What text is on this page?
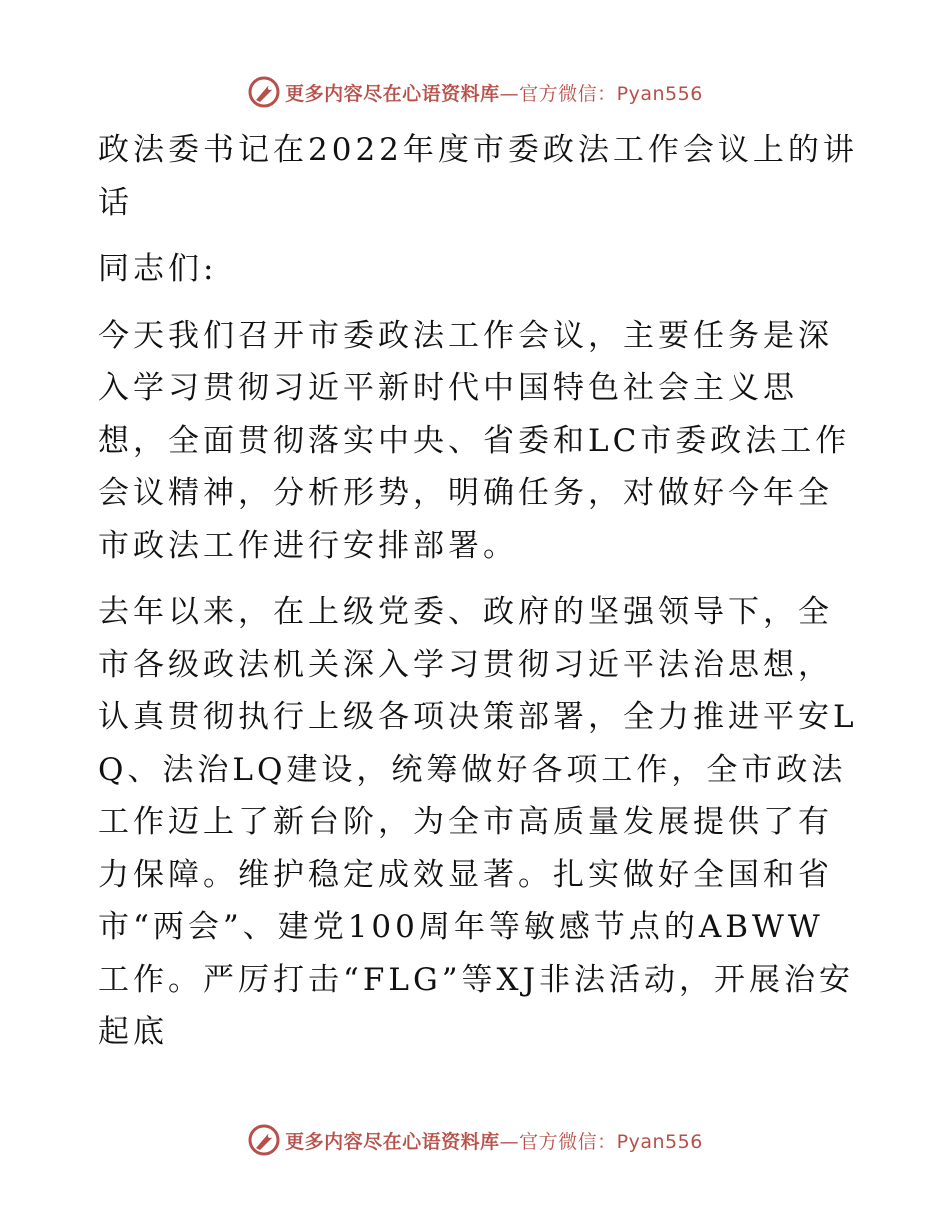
更多内容尽在心语资料库—官方微信：Pyan556

政法委书记在2022年度市委政法工作会议上的讲话

同志们:

今天我们召开市委政法工作会议，主要任务是深入学习贯彻习近平新时代中国特色社会主义思想，全面贯彻落实中央、省委和LC市委政法工作会议精神，分析形势，明确任务，对做好今年全市政法工作进行安排部署。

去年以来，在上级党委、政府的坚强领导下，全市各级政法机关深入学习贯彻习近平法治思想，认真贯彻执行上级各项决策部署，全力推进平安LQ、法治LQ建设，统筹做好各项工作，全市政法工作迈上了新台阶，为全市高质量发展提供了有力保障。维护稳定成效显著。扎实做好全国和省市“两会”、建党100周年等敏感节点的ABWW工作。严厉打击“FLG”等XJ非法活动，开展治安起底

更多内容尽在心语资料库—官方微信：Pyan556
